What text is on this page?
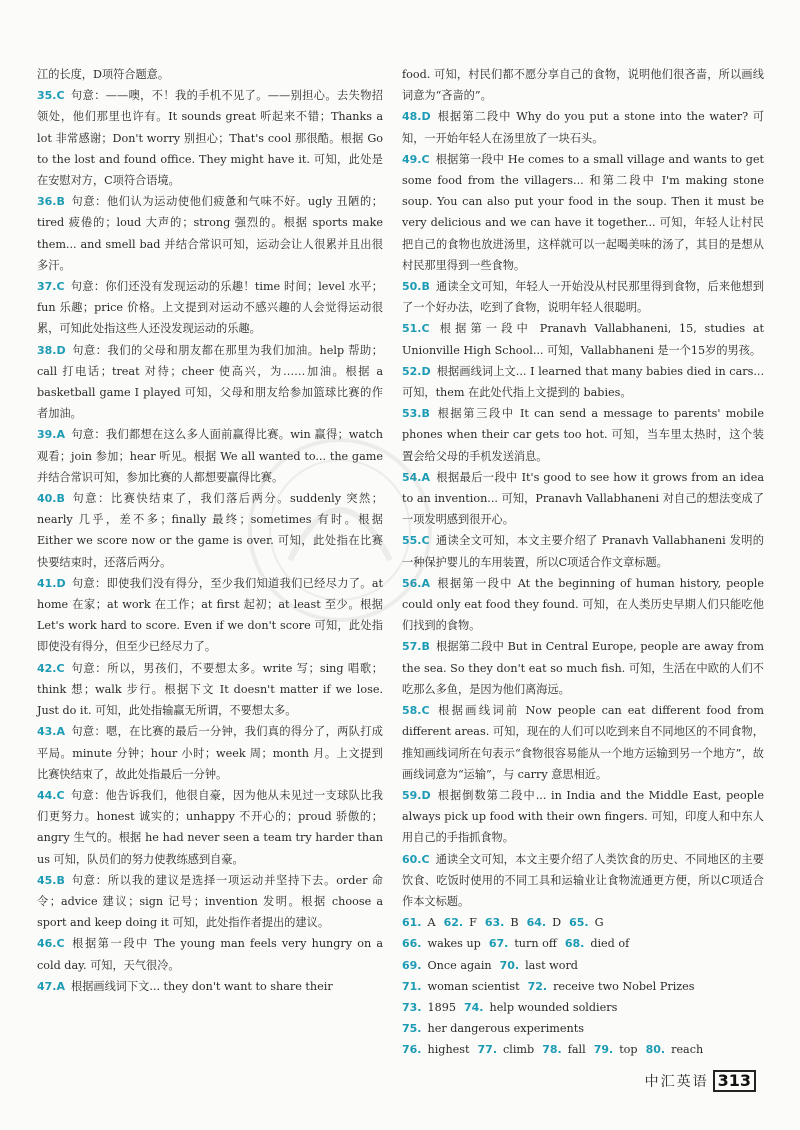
江的长度，D项符合题意。

35.C 句意：——噢，不！我的手机不见了。——别担心。去失物招领处，他们那里也许有。It sounds great 听起来不错；Thanks a lot 非常感谢；Don't worry 别担心；That's cool 那很酷。根据 Go to the lost and found office. They might have it. 可知，此处是在安慰对方，C项符合语境。

36.B 句意：他们认为运动使他们疲惫和气味不好。ugly 丑陋的；tired 疲倦的；loud 大声的；strong 强烈的。根据 sports make them... and smell bad 并结合常识可知，运动会让人很累并且出很多汗。

37.C 句意：你们还没有发现运动的乐趣！time 时间；level 水平；fun 乐趣；price 价格。上文提到对运动不感兴趣的人会觉得运动很累，可知此处指这些人还没发现运动的乐趣。

38.D 句意：我们的父母和朋友都在那里为我们加油。help 帮助；call 打电话；treat 对待；cheer 使高兴，为……加油。根据 a basketball game I played 可知，父母和朋友给参加篮球比赛的作者加油。

39.A 句意：我们都想在这么多人面前赢得比赛。win 赢得；watch 观看；join 参加；hear 听见。根据 We all wanted to... the game 并结合常识可知，参加比赛的人都想要赢得比赛。

40.B 句意：比赛快结束了，我们落后两分。suddenly 突然；nearly 几乎，差不多；finally 最终；sometimes 有时。根据 Either we score now or the game is over. 可知，此处指在比赛快要结束时，还落后两分。

41.D 句意：即使我们没有得分，至少我们知道我们已经尽力了。at home 在家；at work 在工作；at first 起初；at least 至少。根据 Let's work hard to score. Even if we don't score 可知，此处指即使没有得分，但至少已经尽力了。

42.C 句意：所以，男孩们，不要想太多。write 写；sing 唱歌；think 想；walk 步行。根据下文 It doesn't matter if we lose. Just do it. 可知，此处指输赢无所谓，不要想太多。

43.A 句意：嗯，在比赛的最后一分钟，我们真的得分了，两队打成平局。minute 分钟；hour 小时；week 周；month 月。上文提到比赛快结束了，故此处指最后一分钟。

44.C 句意：他告诉我们，他很自豪，因为他从未见过一支球队比我们更努力。honest 诚实的；unhappy 不开心的；proud 骄傲的；angry 生气的。根据 he had never seen a team try harder than us 可知，队员们的努力使教练感到自豪。

45.B 句意：所以我的建议是选择一项运动并坚持下去。order 命令；advice 建议；sign 记号；invention 发明。根据 choose a sport and keep doing it 可知，此处指作者提出的建议。

46.C 根据第一段中 The young man feels very hungry on a cold day. 可知，天气很冷。

47.A 根据画线词下文... they don't want to share their

food. 可知，村民们都不愿分享自己的食物，说明他们很吝啬，所以画线词意为“吝啬的”。

48.D 根据第二段中 Why do you put a stone into the water? 可知，一开始年轻人在汤里放了一块石头。

49.C 根据第一段中 He comes to a small village and wants to get some food from the villagers... 和第二段中 I'm making stone soup. You can also put your food in the soup. Then it must be very delicious and we can have it together... 可知，年轻人让村民把自己的食物也放进汤里，这样就可以一起喝美味的汤了，其目的是想从村民那里得到一些食物。

50.B 通读全文可知，年轻人一开始没从村民那里得到食物，后来他想到了一个好办法，吃到了食物，说明年轻人很聪明。

51.C 根据第一段中 Pranavh Vallabhaneni, 15, studies at Unionville High School... 可知，Vallabhaneni 是一个15岁的男孩。

52.D 根据画线词上文... I learned that many babies died in cars... 可知，them 在此处代指上文提到的 babies。

53.B 根据第三段中 It can send a message to parents' mobile phones when their car gets too hot. 可知，当车里太热时，这个装置会给父母的手机发送消息。

54.A 根据最后一段中 It's good to see how it grows from an idea to an invention... 可知，Pranavh Vallabhaneni 对自己的想法变成了一项发明感到很开心。

55.C 通读全文可知，本文主要介绍了 Pranavh Vallabhaneni 发明的一种保护婴儿的车用装置，所以C项适合作文章标题。

56.A 根据第一段中 At the beginning of human history, people could only eat food they found. 可知，在人类历史早期人们只能吃他们找到的食物。

57.B 根据第二段中 But in Central Europe, people are away from the sea. So they don't eat so much fish. 可知，生活在中欧的人们不吃那么多鱼，是因为他们离海远。

58.C 根据画线词前 Now people can eat different food from different areas. 可知，现在的人们可以吃到来自不同地区的不同食物，推知画线词所在句表示“食物很容易能从一个地方运输到另一个地方”，故画线词意为“运输”，与 carry 意思相近。

59.D 根据倒数第二段中... in India and the Middle East, people always pick up food with their own fingers. 可知，印度人和中东人用自己的手指抓食物。

60.C 通读全文可知，本文主要介绍了人类饮食的历史、不同地区的主要饮食、吃饭时使用的不同工具和运输业让食物流通更方便，所以C项适合作本文标题。

61. A 62. F 63. B 64. D 65. G

66. wakes up 67. turn off 68. died of

69. Once again 70. last word

71. woman scientist 72. receive two Nobel Prizes

73. 1895 74. help wounded soldiers

75. her dangerous experiments

76. highest 77. climb 78. fall 79. top 80. reach

中汇英语 313
